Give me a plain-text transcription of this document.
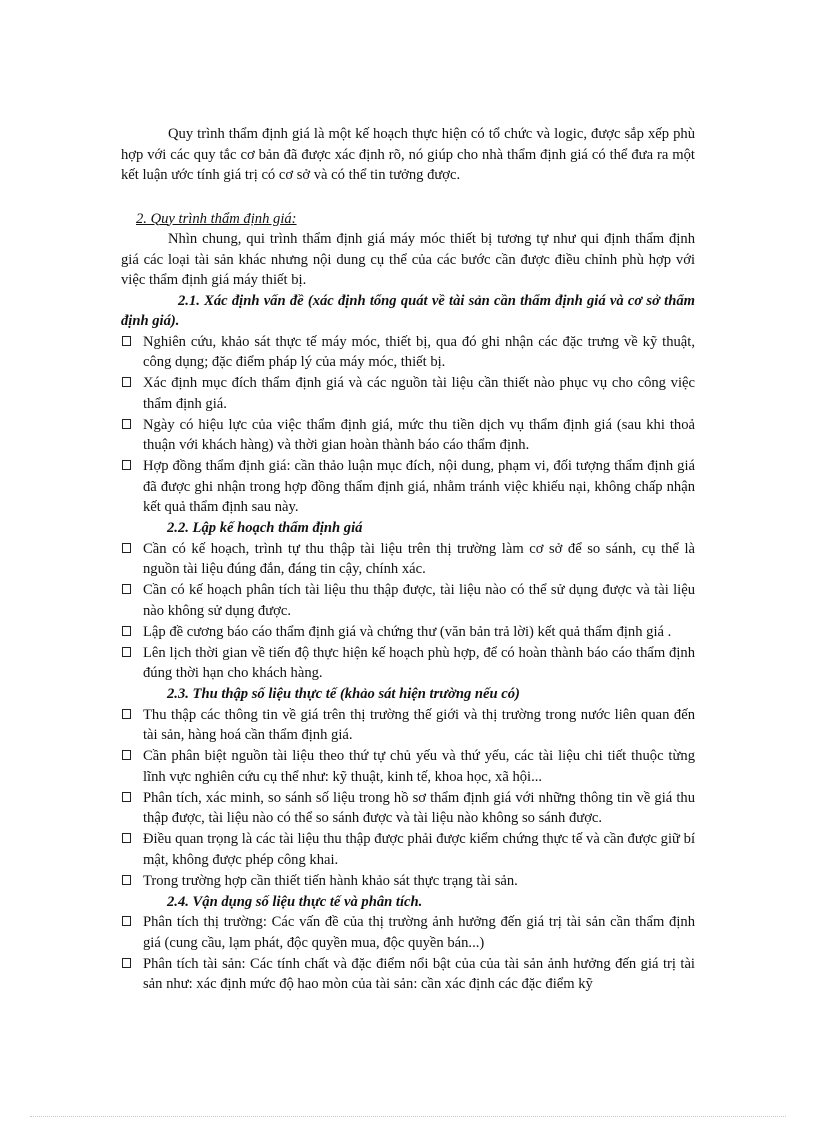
Quy trình thẩm định giá là một kế hoạch thực hiện có tổ chức và logic, được sắp xếp phù hợp với các quy tắc cơ bản đã được xác định rõ, nó giúp cho nhà thẩm định giá có thể đưa ra một kết luận ước tính giá trị có cơ sở và có thể tin tưởng được.

2. Quy trình thẩm định giá:

Nhìn chung, qui trình thẩm định giá máy móc thiết bị tương tự như qui định thẩm định giá các loại tài sản khác nhưng nội dung cụ thể của các bước cần được điều chỉnh phù hợp với việc thẩm định giá máy thiết bị.

2.1. Xác định vấn đề (xác định tổng quát về tài sản cần thẩm định giá và cơ sở thẩm định giá).

Nghiên cứu, khảo sát thực tế máy móc, thiết bị, qua đó ghi nhận các đặc trưng về kỹ thuật, công dụng; đặc điểm pháp lý của máy móc, thiết bị.
Xác định mục đích thẩm định giá và các nguồn tài liệu cần thiết nào phục vụ cho công việc thẩm định giá.
Ngày có hiệu lực của việc thẩm định giá, mức thu tiền dịch vụ thẩm định giá (sau khi thoả thuận với khách hàng) và thời gian hoàn thành báo cáo thẩm định.
Hợp đồng thẩm định giá: cần thảo luận mục đích, nội dung, phạm vi, đối tượng thẩm định giá đã được ghi nhận trong hợp đồng thẩm định giá, nhằm tránh việc khiếu nại, không chấp nhận kết quả thẩm định sau này.

2.2. Lập kế hoạch thẩm định giá

Cần có kế hoạch, trình tự thu thập tài liệu trên thị trường làm cơ sở để so sánh, cụ thể là nguồn tài liệu đúng đắn, đáng tin cậy, chính xác.
Cần có kế hoạch phân tích tài liệu thu thập được, tài liệu nào có thể sử dụng được và tài liệu nào không sử dụng được.
Lập đề cương báo cáo thẩm định giá và chứng thư (văn bản trả lời) kết quả thẩm định giá .
Lên lịch thời gian về tiến độ thực hiện kế hoạch phù hợp, để có hoàn thành báo cáo thẩm định đúng thời hạn cho khách hàng.

2.3. Thu thập số liệu thực tế (khảo sát hiện trường nếu có)

Thu thập các thông tin về giá trên thị trường thế giới và thị trường trong nước liên quan đến tài sản, hàng hoá cần thẩm định giá.
Cần phân biệt nguồn tài liệu theo thứ tự chủ yếu và thứ yếu, các tài liệu chi tiết thuộc từng lĩnh vực nghiên cứu cụ thể như: kỹ thuật, kinh tế, khoa học, xã hội...
Phân tích, xác minh, so sánh số liệu trong hồ sơ thẩm định giá với những thông tin về giá thu thập được, tài liệu nào có thể so sánh được và tài liệu nào không so sánh được.
Điều quan trọng là các tài liệu thu thập được phải được kiểm chứng thực tế và cần được giữ bí mật, không được phép công khai.
Trong trường hợp cần thiết tiến hành khảo sát thực trạng tài sản.

2.4. Vận dụng số liệu thực tế và phân tích.

Phân tích thị trường: Các vấn đề của thị trường ảnh hưởng đến giá trị tài sản cần thẩm định giá (cung cầu, lạm phát, độc quyền mua, độc quyền bán...)
Phân tích tài sản: Các tính chất và đặc điểm nổi bật của của tài sản ảnh hưởng đến giá trị tài sản như: xác định mức độ hao mòn của tài sản: cần xác định các đặc điểm kỹ
